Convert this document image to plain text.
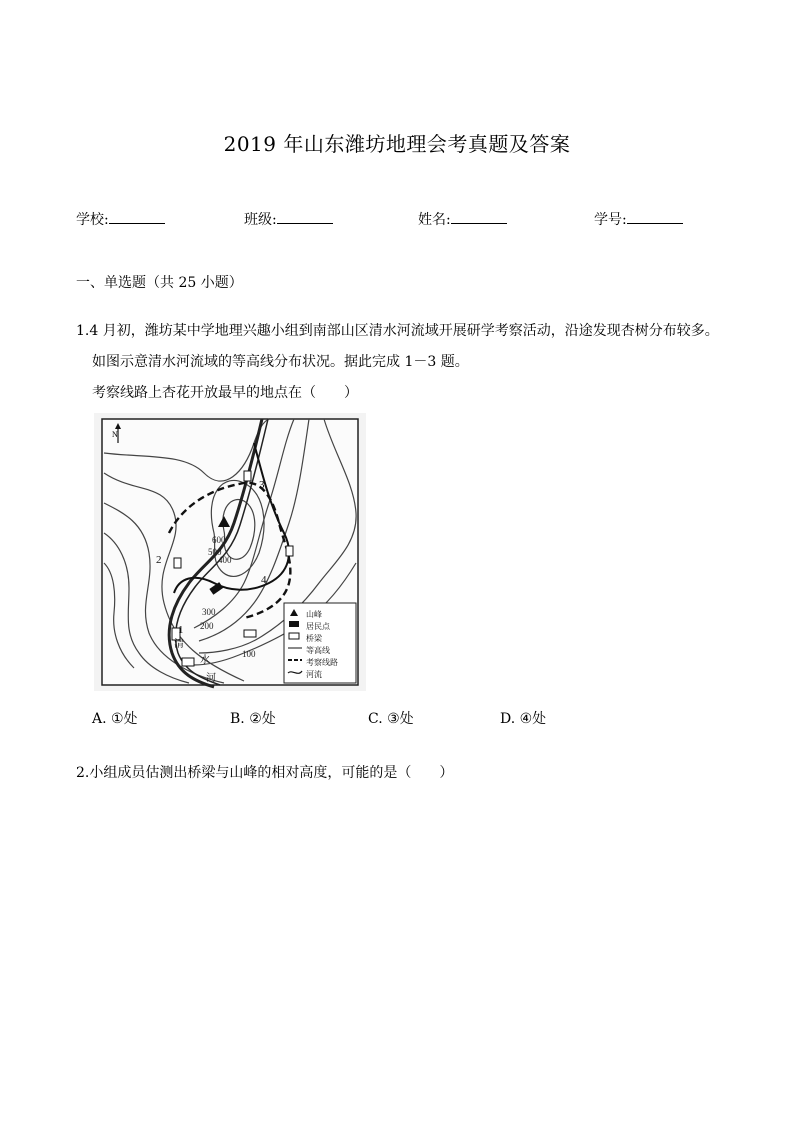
2019 年山东潍坊地理会考真题及答案
学校:	班级:	姓名:	学号:
一、单选题（共 25 小题）
1.4 月初，潍坊某中学地理兴趣小组到南部山区清水河流域开展研学考察活动，沿途发现杏树分布较多。
如图示意清水河流域的等高线分布状况。据此完成 1－3 题。
考察线路上杏花开放最早的地点在（　　）
N
600
500
400
300
200
100
1
2
3
4
清
水
河
山峰
居民点
桥梁
等高线
考察线路
河流
A. ①处	B. ②处	C. ③处	D. ④处
2.小组成员估测出桥梁与山峰的相对高度，可能的是（　　）
